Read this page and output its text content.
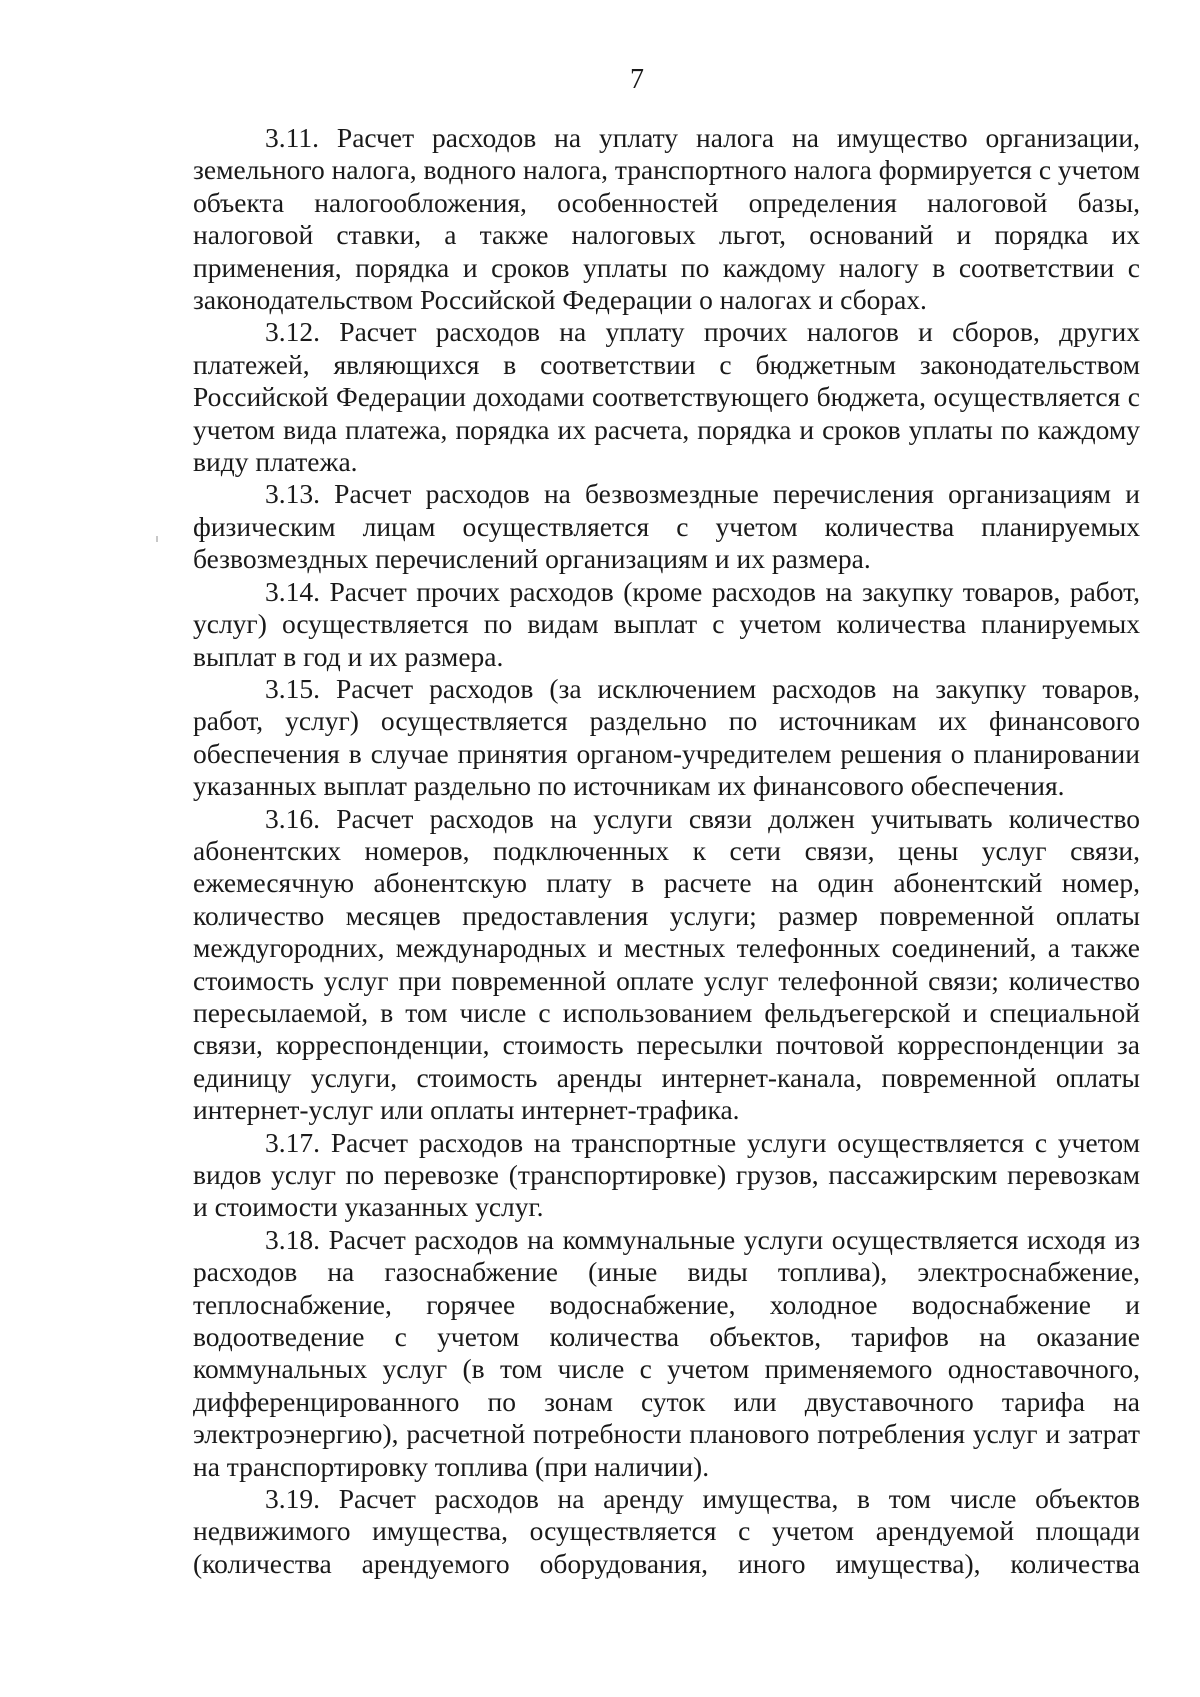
7

3.11. Расчет расходов на уплату налога на имущество организации, земельного налога, водного налога, транспортного налога формируется с учетом объекта налогообложения, особенностей определения налоговой базы, налоговой ставки, а также налоговых льгот, оснований и порядка их применения, порядка и сроков уплаты по каждому налогу в соответствии с законодательством Российской Федерации о налогах и сборах.

3.12. Расчет расходов на уплату прочих налогов и сборов, других платежей, являющихся в соответствии с бюджетным законодательством Российской Федерации доходами соответствующего бюджета, осуществляется с учетом вида платежа, порядка их расчета, порядка и сроков уплаты по каждому виду платежа.

3.13. Расчет расходов на безвозмездные перечисления организациям и физическим лицам осуществляется с учетом количества планируемых безвозмездных перечислений организациям и их размера.

3.14. Расчет прочих расходов (кроме расходов на закупку товаров, работ, услуг) осуществляется по видам выплат с учетом количества планируемых выплат в год и их размера.

3.15. Расчет расходов (за исключением расходов на закупку товаров, работ, услуг) осуществляется раздельно по источникам их финансового обеспечения в случае принятия органом-учредителем решения о планировании указанных выплат раздельно по источникам их финансового обеспечения.

3.16. Расчет расходов на услуги связи должен учитывать количество абонентских номеров, подключенных к сети связи, цены услуг связи, ежемесячную абонентскую плату в расчете на один абонентский номер, количество месяцев предоставления услуги; размер повременной оплаты междугородних, международных и местных телефонных соединений, а также стоимость услуг при повременной оплате услуг телефонной связи; количество пересылаемой, в том числе с использованием фельдъегерской и специальной связи, корреспонденции, стоимость пересылки почтовой корреспонденции за единицу услуги, стоимость аренды интернет-канала, повременной оплаты интернет-услуг или оплаты интернет-трафика.

3.17. Расчет расходов на транспортные услуги осуществляется с учетом видов услуг по перевозке (транспортировке) грузов, пассажирским перевозкам и стоимости указанных услуг.

3.18. Расчет расходов на коммунальные услуги осуществляется исходя из расходов на газоснабжение (иные виды топлива), электроснабжение, теплоснабжение, горячее водоснабжение, холодное водоснабжение и водоотведение с учетом количества объектов, тарифов на оказание коммунальных услуг (в том числе с учетом применяемого одноставочного, дифференцированного по зонам суток или двуставочного тарифа на электроэнергию), расчетной потребности планового потребления услуг и затрат на транспортировку топлива (при наличии).

3.19. Расчет расходов на аренду имущества, в том числе объектов недвижимого имущества, осуществляется с учетом арендуемой площади (количества арендуемого оборудования, иного имущества), количества
